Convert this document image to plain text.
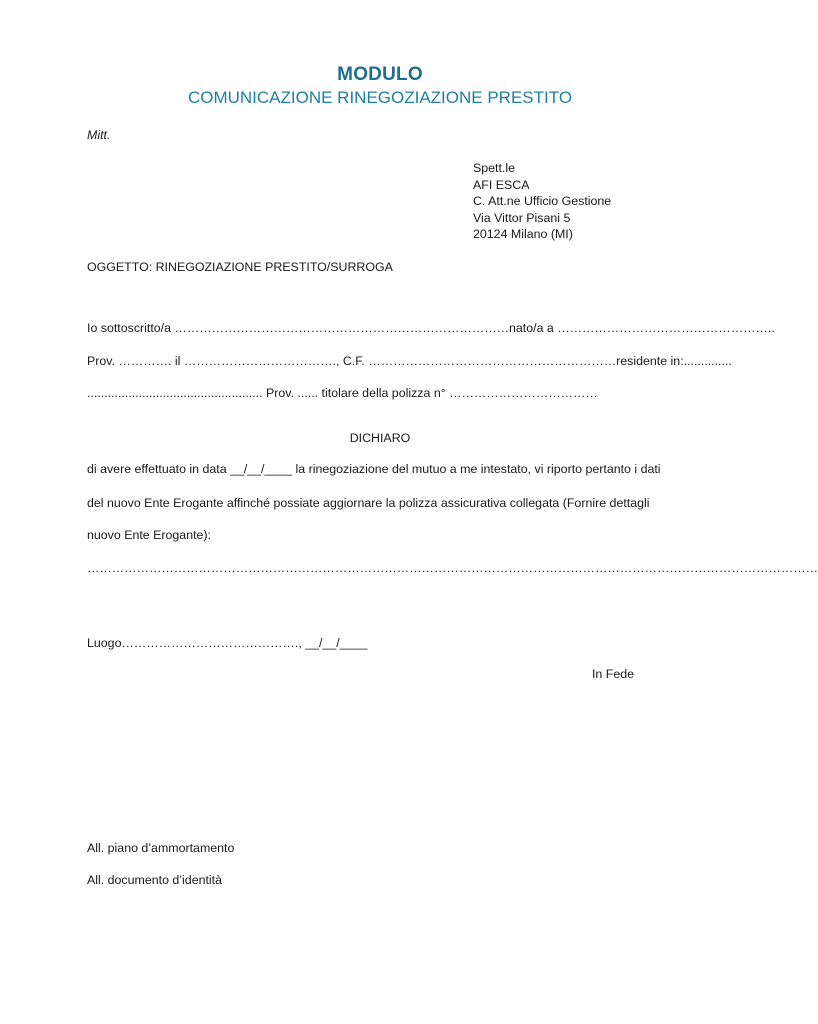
MODULO
COMUNICAZIONE RINEGOZIAZIONE PRESTITO
Mitt.
Spett.le
AFI ESCA
C. Att.ne Ufficio Gestione
Via Vittor Pisani 5
20124 Milano (MI)
OGGETTO: RINEGOZIAZIONE PRESTITO/SURROGA
Io sottoscritto/a ………………………………………………………………………nato/a a ……………………………………………..
Prov. …………. il ………………………………., C.F. ……………………………………………………residente in:..............
................................................... Prov. ...... titolare della polizza n° ………………………………
DICHIARO
di avere effettuato in data __/__/____ la rinegoziazione del mutuo a me intestato, vi riporto pertanto i dati
del nuovo Ente Erogante affinché possiate aggiornare la polizza assicurativa collegata (Fornire dettagli
nuovo Ente Erogante):
……………………………………………………………………………………………………………………………………………………………
Luogo……………………………………., __/__/____
In Fede
All. piano d’ammortamento
All. documento d’identità
